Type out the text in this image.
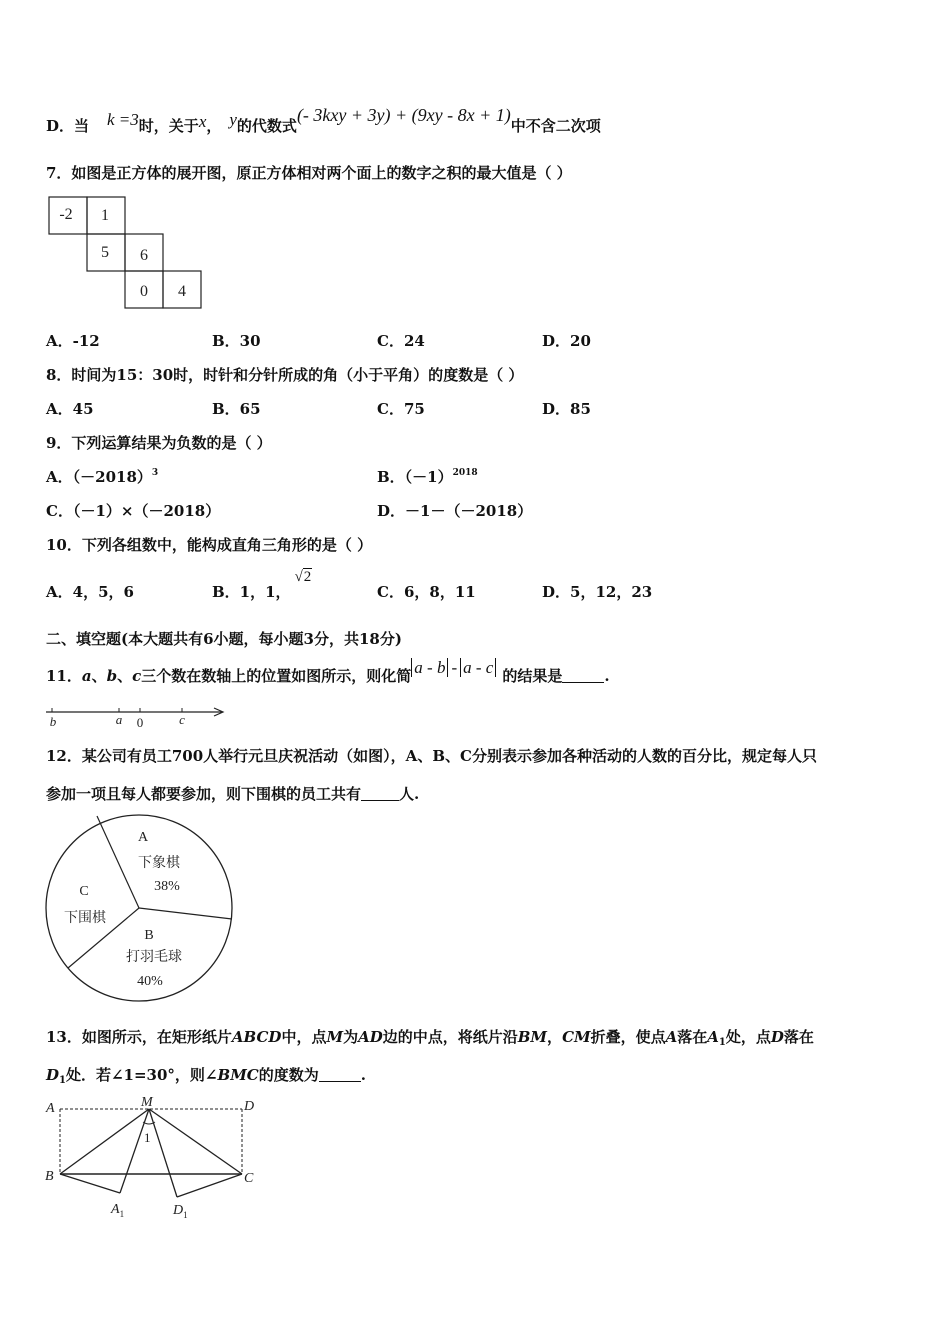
D．当 k =3时，关于x， y的代数式(- 3kxy + 3y) + (9xy - 8x + 1)中不含二次项
7．如图是正方体的展开图，原正方体相对两个面上的数字之积的最大值是（ ）
-2 1
5 6
0 4
A．-12	B．30	C．24	D．20
8．时间为15：30时，时针和分针所成的角（小于平角）的度数是（ ）
A．45	B．65	C．75	D．85
9．下列运算结果为负数的是（ ）
A．$(-2018)^3$	B．$(-1)^{2018}$
C．（－1）×（－2018）	D．－1－（－2018）
10．下列各组数中，能构成直角三角形的是（ ）
A．4，5，6	B．1，1，√2
C．6，8，11	D．5，12，23
二、填空题(本大题共有6小题，每小题3分，共18分)
11．a、b、c三个数在数轴上的位置如图所示，则化简 a - b - a - c 的结果是	.
b	a 0	c
12．某公司有员工700人举行元旦庆祝活动（如图），A、B、C分别表示参加各种活动的人数的百分比，规定每人只
参加一项且每人都要参加，则下围棋的员工共有	人.
A
下象棋
38%
C
下围棋
B
打羽毛球
40%
13．如图所示，在矩形纸片ABCD中，点M为AD边的中点，将纸片沿BM，CM折叠，使点A落在$A_1$处，点D落在
$D_1$处．若∠1=30°，则∠BMC的度数为	.
A	M	D
B	C
$A_1$	$D_1$
1
